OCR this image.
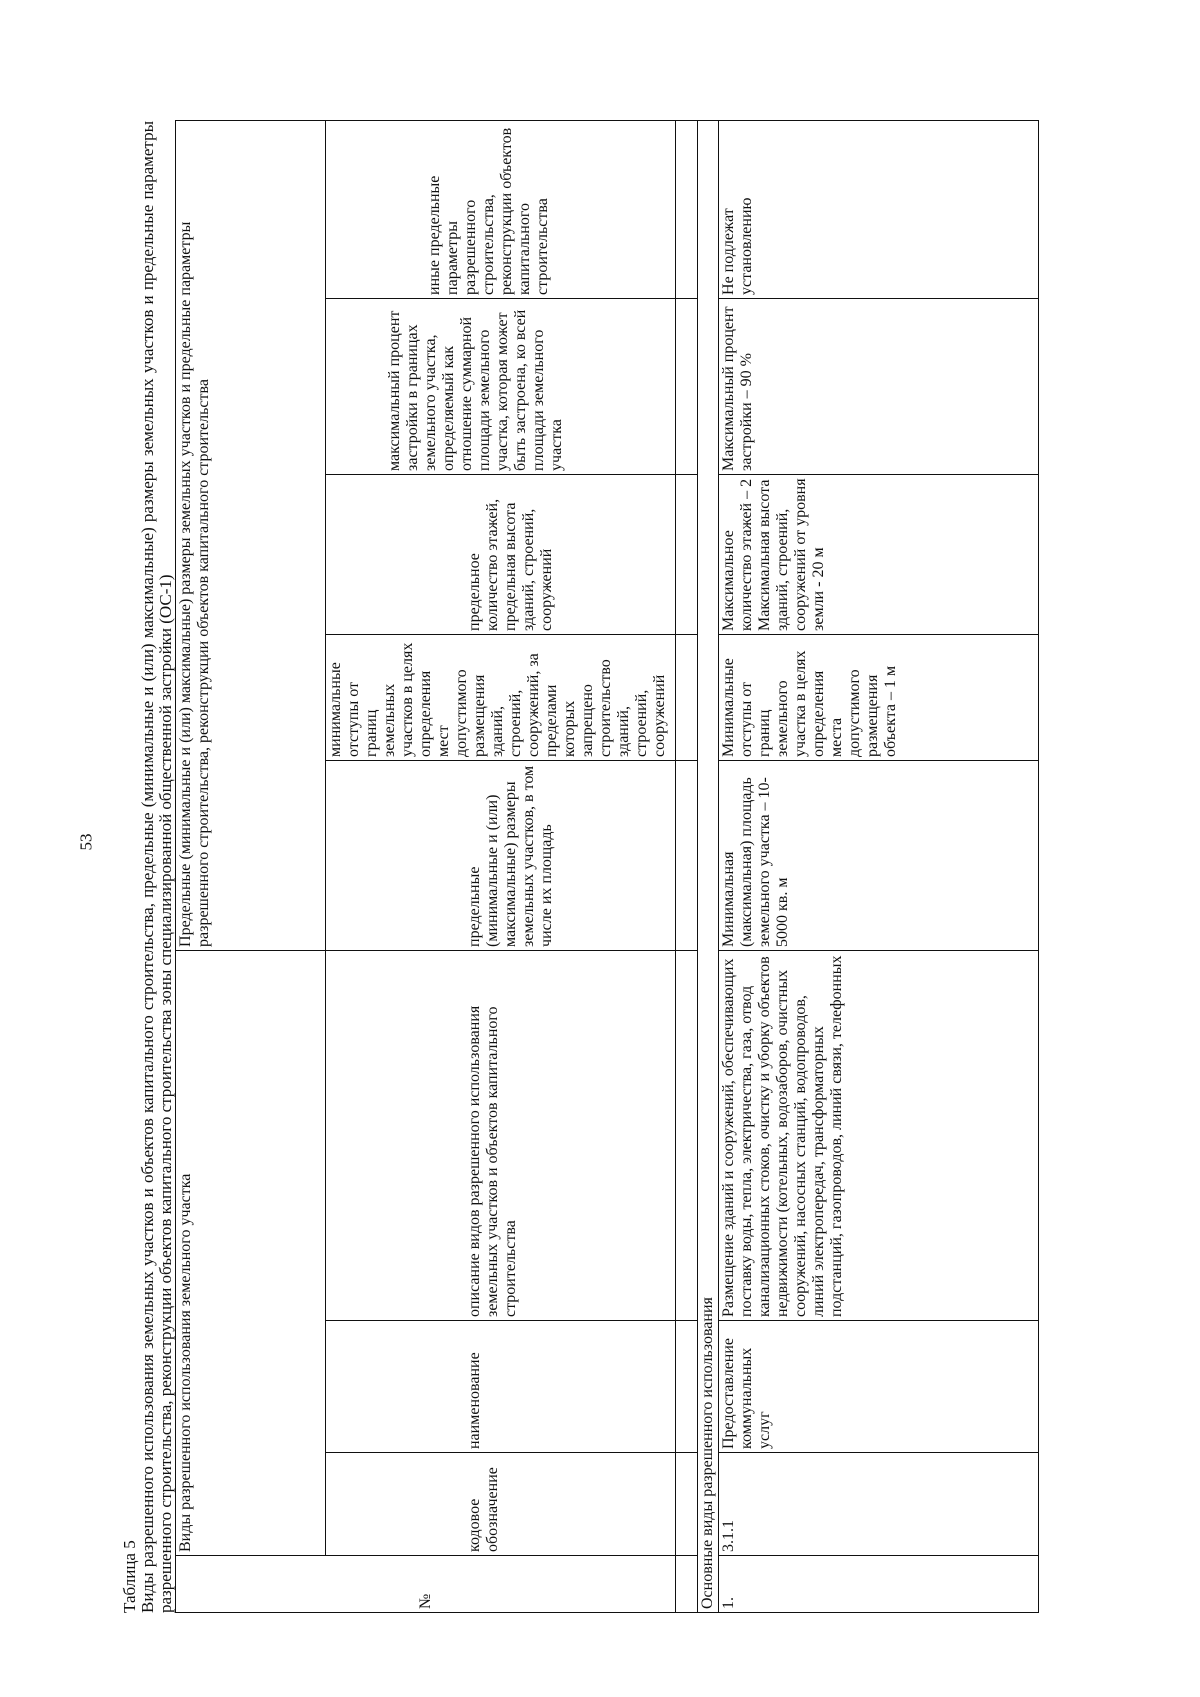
53

Таблица 5 Виды разрешенного использования земельных участков и объектов капитального строительства, предельные (минимальные и (или) максимальные) размеры земельных участков и предельные параметры разрешенного строительства, реконструкции объектов капитального строительства зоны специализированной общественной застройки (ОС-1)	№	Виды разрешенного использования земельного участка			Предельные (минимальные и (или) максимальные) размеры земельных участков и предельные параметры разрешенного строительства, реконструкции объектов капитального строительства				
	кодовое обозначение	наименование	описание видов разрешенного использования земельных участков и объектов капитального строительства	предельные (минимальные и (или) максимальные) размеры земельных участков, в том числе их площадь	минимальные отступы от границ земельных участков в целях определения мест допустимого размещения зданий, строений, сооружений, за пределами которых запрещено строительство зданий, строений, сооружений	предельное количество этажей, предельная высота зданий, строений, сооружений	максимальный процент застройки в границах земельного участка, определяемый как отношение суммарной площади земельного участка, которая может быть застроена, ко всей площади земельного участка	иные предельные параметры разрешенного строительства, реконструкции объектов капитального строительства

Основные виды разрешенного использования								
1.	3.1.1	Предоставление коммунальных услуг	Размещение зданий и сооружений, обеспечивающих поставку воды, тепла, электричества, газа, отвод канализационных стоков, очистку и уборку объектов недвижимости (котельных, водозаборов, очистных сооружений, насосных станций, водопроводов, линий электропередач, трансформаторных подстанций, газопроводов, линий связи, телефонных	Минимальная (максимальная) площадь земельного участка – 10-5000 кв. м	Минимальные отступы от границ земельного участка в целях определения места допустимого размещения объекта – 1 м	Максимальное количество этажей – 2 Максимальная высота зданий, строений, сооружений от уровня земли - 20 м	Максимальный процент застройки – 90 %	Не подлежат установлению
